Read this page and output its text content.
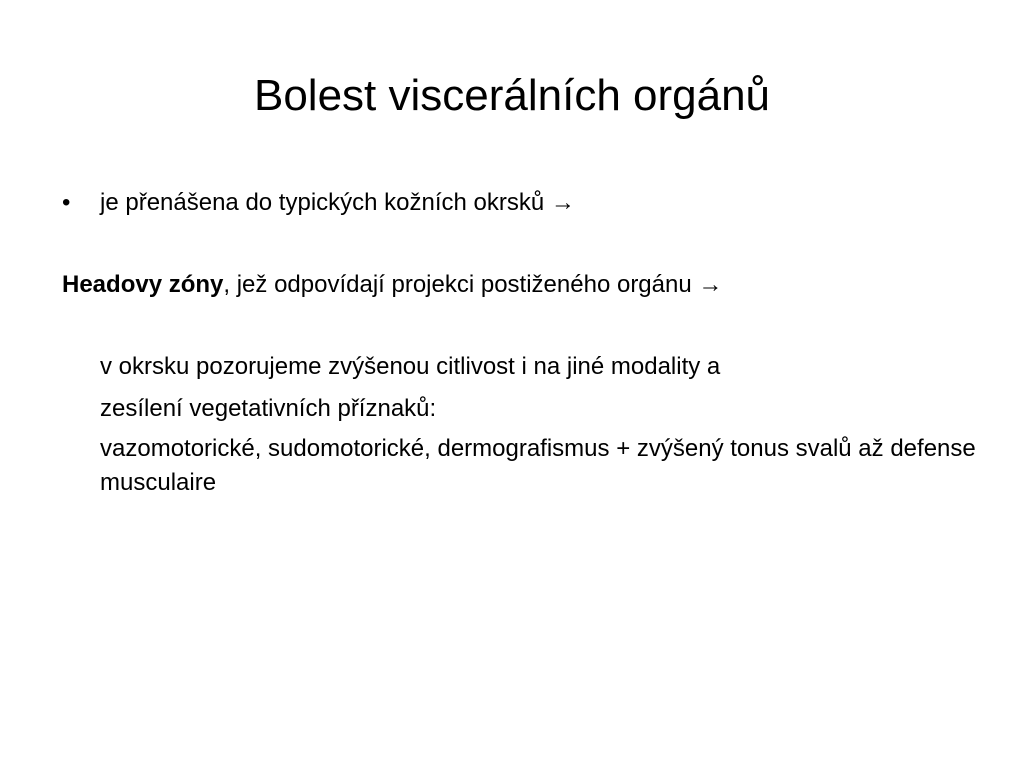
Bolest viscerálních orgánů
• je přenášena do typických kožních okrsků →
Headovy zóny, jež odpovídají projekci postiženého orgánu →
v okrsku pozorujeme zvýšenou citlivost i na jiné modality a
zesílení vegetativních příznaků:
vazomotorické, sudomotorické, dermografismus + zvýšený tonus svalů až defense musculaire
